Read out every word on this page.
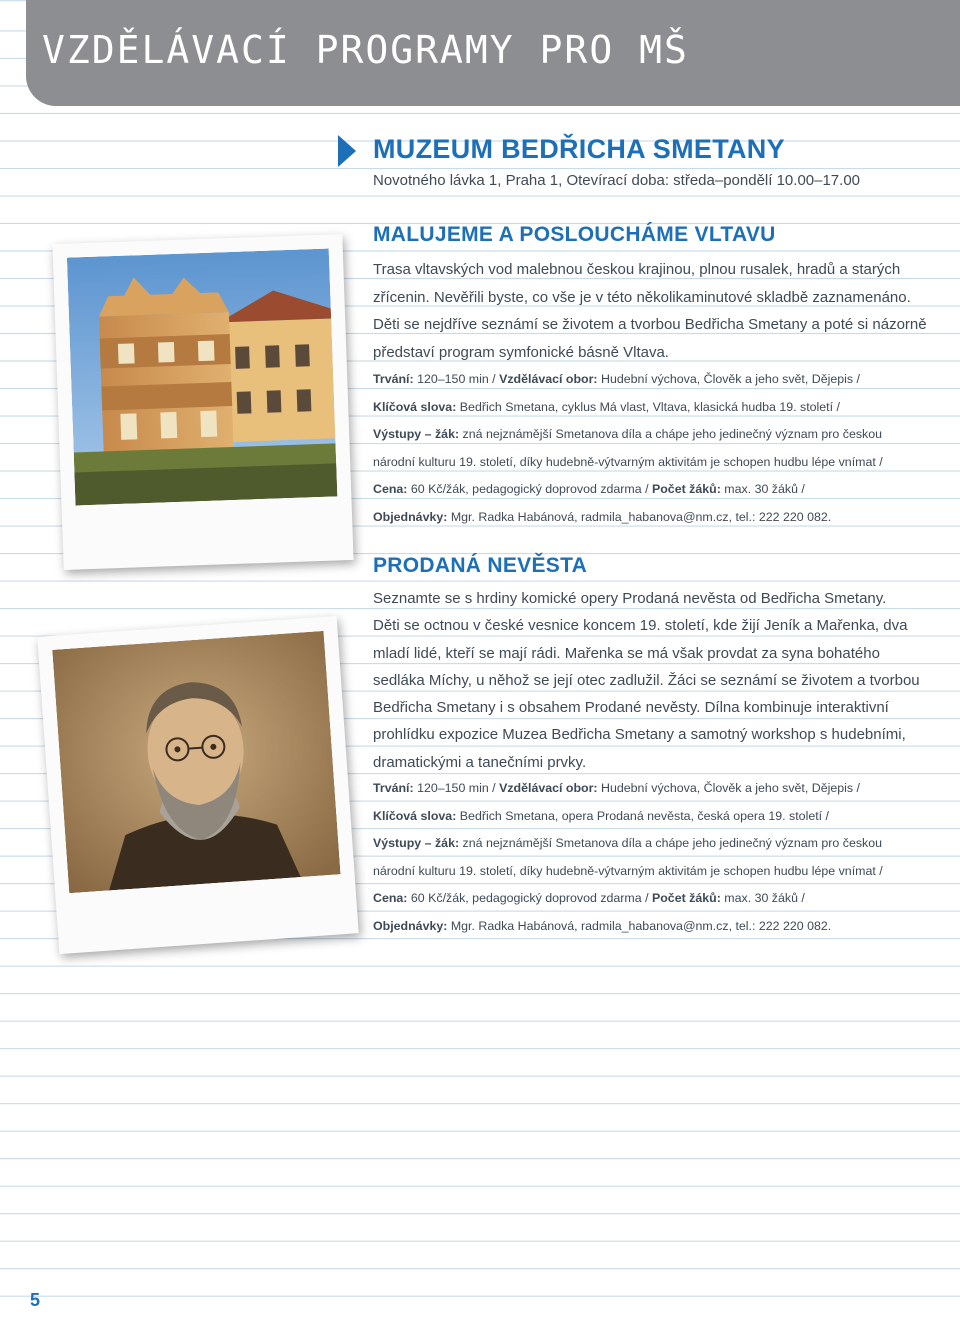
VZDĚLÁVACÍ PROGRAMY PRO MŠ
MUZEUM BEDŘICHA SMETANY

Novotného lávka 1, Praha 1, Otevírací doba: středa–pondělí 10.00–17.00

MALUJEME A POSLOUCHÁME VLTAVU

Trasa vltavských vod malebnou českou krajinou, plnou rusalek, hradů a starých

zřícenin. Nevěřili byste, co vše je v této několikaminutové skladbě zaznamenáno.

Děti se nejdříve seznámí se životem a tvorbou Bedřicha Smetany a poté si názorně

představí program symfonické básně Vltava.

Trvání: 120–150 min / Vzdělávací obor: Hudební výchova, Člověk a jeho svět, Dějepis /
Klíčová slova: Bedřich Smetana, cyklus Má vlast, Vltava, klasická hudba 19. století /
Výstupy – žák: zná nejznámější Smetanova díla a chápe jeho jedinečný význam pro českou
národní kulturu 19. století, díky hudebně-výtvarným aktivitám je schopen hudbu lépe vnímat /
Cena: 60 Kč/žák, pedagogický doprovod zdarma / Počet žáků: max. 30 žáků /
Objednávky: Mgr. Radka Habánová, radmila_habanova@nm.cz, tel.: 222 220 082.
PRODANÁ NEVĚSTA

Seznamte se s hrdiny komické opery Prodaná nevěsta od Bedřicha Smetany.

Děti se octnou v české vesnice koncem 19. století, kde žijí Jeník a Mařenka, dva

mladí lidé, kteří se mají rádi. Mařenka se má však provdat za syna bohatého

sedláka Míchy, u něhož se její otec zadlužil. Žáci se seznámí se životem a tvorbou

Bedřicha Smetany i s obsahem Prodané nevěsty. Dílna kombinuje interaktivní

prohlídku expozice Muzea Bedřicha Smetany a samotný workshop s hudebními,

dramatickými a tanečními prvky.

Trvání: 120–150 min / Vzdělávací obor: Hudební výchova, Člověk a jeho svět, Dějepis /
Klíčová slova: Bedřich Smetana, opera Prodaná nevěsta, česká opera 19. století /
Výstupy – žák: zná nejznámější Smetanova díla a chápe jeho jedinečný význam pro českou
národní kulturu 19. století, díky hudebně-výtvarným aktivitám je schopen hudbu lépe vnímat /
Cena: 60 Kč/žák, pedagogický doprovod zdarma / Počet žáků: max. 30 žáků /
Objednávky: Mgr. Radka Habánová, radmila_habanova@nm.cz, tel.: 222 220 082.

5
